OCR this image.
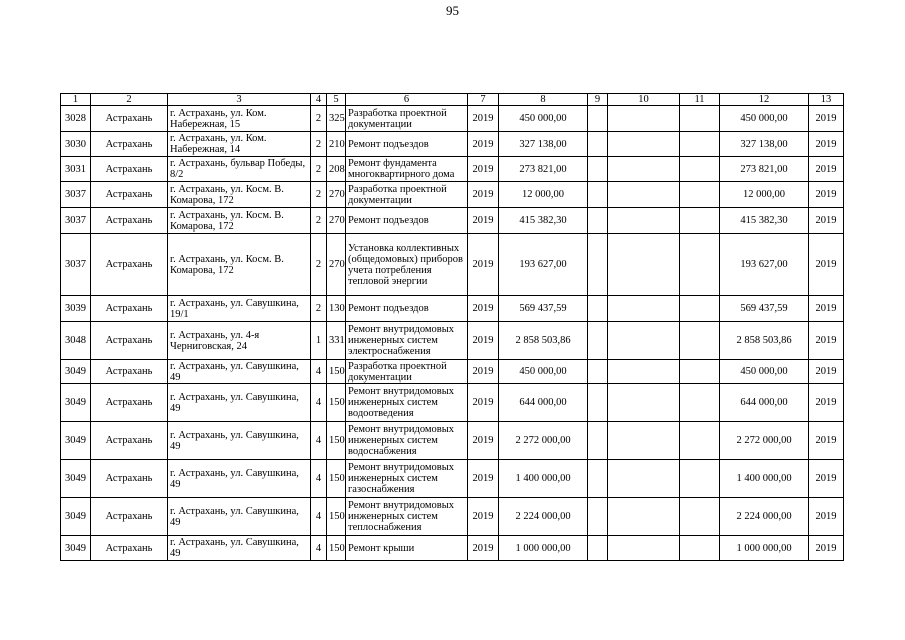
95
1	2	3	4	5	6	7	8	9	10	11	12	13
3028	Астрахань	г. Астрахань, ул. Ком. Набережная, 15	2	325	Разработка проектной документации	2019	450 000,00				450 000,00	2019
3030	Астрахань	г. Астрахань, ул. Ком. Набережная, 14	2	210	Ремонт подъездов	2019	327 138,00				327 138,00	2019
3031	Астрахань	г. Астрахань, бульвар Победы, 8/2	2	208	Ремонт фундамента многоквартирного дома	2019	273 821,00				273 821,00	2019
3037	Астрахань	г. Астрахань, ул. Косм. В. Комарова, 172	2	270	Разработка проектной документации	2019	12 000,00				12 000,00	2019
3037	Астрахань	г. Астрахань, ул. Косм. В. Комарова, 172	2	270	Ремонт подъездов	2019	415 382,30				415 382,30	2019
3037	Астрахань	г. Астрахань, ул. Косм. В. Комарова, 172	2	270	Установка коллективных (общедомовых) приборов учета потребления тепловой энергии	2019	193 627,00				193 627,00	2019
3039	Астрахань	г. Астрахань, ул. Савушкина, 19/1	2	130	Ремонт подъездов	2019	569 437,59				569 437,59	2019
3048	Астрахань	г. Астрахань, ул. 4-я Черниговская, 24	1	331	Ремонт внутридомовых инженерных систем электроснабжения	2019	2 858 503,86				2 858 503,86	2019
3049	Астрахань	г. Астрахань, ул. Савушкина, 49	4	150	Разработка проектной документации	2019	450 000,00				450 000,00	2019
3049	Астрахань	г. Астрахань, ул. Савушкина, 49	4	150	Ремонт внутридомовых инженерных систем водоотведения	2019	644 000,00				644 000,00	2019
3049	Астрахань	г. Астрахань, ул. Савушкина, 49	4	150	Ремонт внутридомовых инженерных систем водоснабжения	2019	2 272 000,00				2 272 000,00	2019
3049	Астрахань	г. Астрахань, ул. Савушкина, 49	4	150	Ремонт внутридомовых инженерных систем газоснабжения	2019	1 400 000,00				1 400 000,00	2019
3049	Астрахань	г. Астрахань, ул. Савушкина, 49	4	150	Ремонт внутридомовых инженерных систем теплоснабжения	2019	2 224 000,00				2 224 000,00	2019
3049	Астрахань	г. Астрахань, ул. Савушкина, 49	4	150	Ремонт крыши	2019	1 000 000,00				1 000 000,00	2019
